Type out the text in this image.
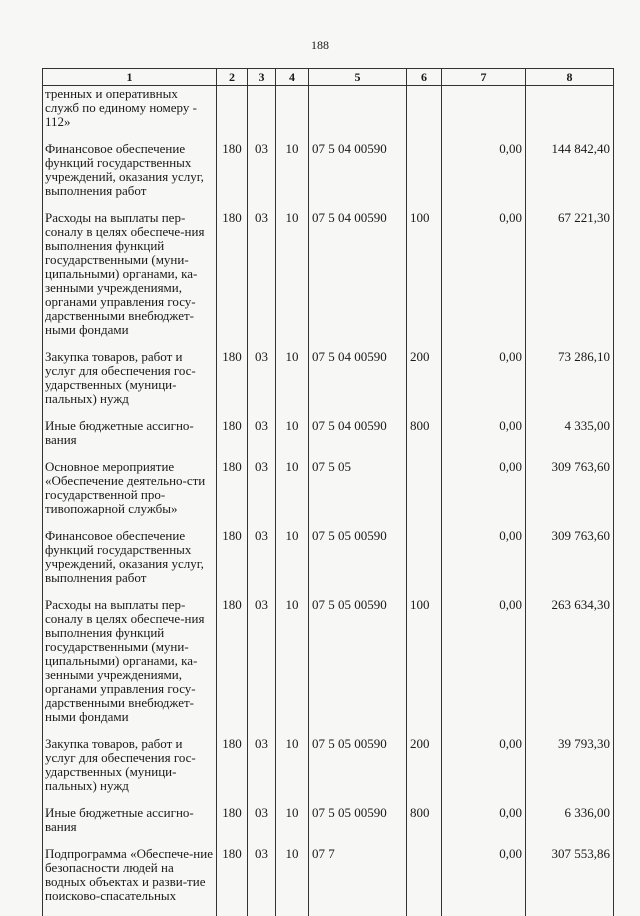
188
1	2	3	4	5	6	7	8
тренных и оперативных служб по единому номеру - 112»							
Финансовое обеспечение функций государственных учреждений, оказания услуг, выполнения работ	180	03	10	07 5 04 00590		0,00	144 842,40
Расходы на выплаты пер-соналу в целях обеспече-ния выполнения функций государственными (муни-ципальными) органами, ка-зенными учреждениями, органами управления госу-дарственными внебюджет-ными фондами	180	03	10	07 5 04 00590	100	0,00	67 221,30
Закупка товаров, работ и услуг для обеспечения гос-ударственных (муници-пальных) нужд	180	03	10	07 5 04 00590	200	0,00	73 286,10
Иные бюджетные ассигно-вания	180	03	10	07 5 04 00590	800	0,00	4 335,00
Основное мероприятие «Обеспечение деятельно-сти государственной про-тивопожарной службы»	180	03	10	07 5 05		0,00	309 763,60
Финансовое обеспечение функций государственных учреждений, оказания услуг, выполнения работ	180	03	10	07 5 05 00590		0,00	309 763,60
Расходы на выплаты пер-соналу в целях обеспече-ния выполнения функций государственными (муни-ципальными) органами, ка-зенными учреждениями, органами управления госу-дарственными внебюджет-ными фондами	180	03	10	07 5 05 00590	100	0,00	263 634,30
Закупка товаров, работ и услуг для обеспечения гос-ударственных (муници-пальных) нужд	180	03	10	07 5 05 00590	200	0,00	39 793,30
Иные бюджетные ассигно-вания	180	03	10	07 5 05 00590	800	0,00	6 336,00
Подпрограмма «Обеспече-ние безопасности людей на водных объектах и разви-тие поисково-спасательных	180	03	10	07 7		0,00	307 553,86
